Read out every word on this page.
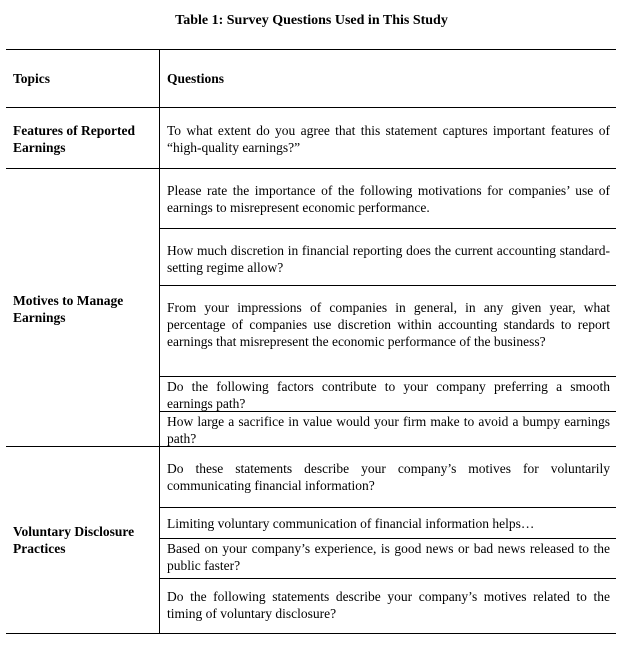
Table 1: Survey Questions Used in This Study
Topics	Questions
Features of Reported Earnings
To what extent do you agree that this statement captures important features of “high-quality earnings?”
Motives to Manage Earnings
Please rate the importance of the following motivations for companies’ use of earnings to misrepresent economic performance.
How much discretion in financial reporting does the current accounting standard-setting regime allow?
From your impressions of companies in general, in any given year, what percentage of companies use discretion within accounting standards to report earnings that misrepresent the economic performance of the business?
Do the following factors contribute to your company preferring a smooth earnings path?
How large a sacrifice in value would your firm make to avoid a bumpy earnings path?
Voluntary Disclosure Practices
Do these statements describe your company’s motives for voluntarily communicating financial information?
Limiting voluntary communication of financial information helps…
Based on your company’s experience, is good news or bad news released to the public faster?
Do the following statements describe your company’s motives related to the timing of voluntary disclosure?
